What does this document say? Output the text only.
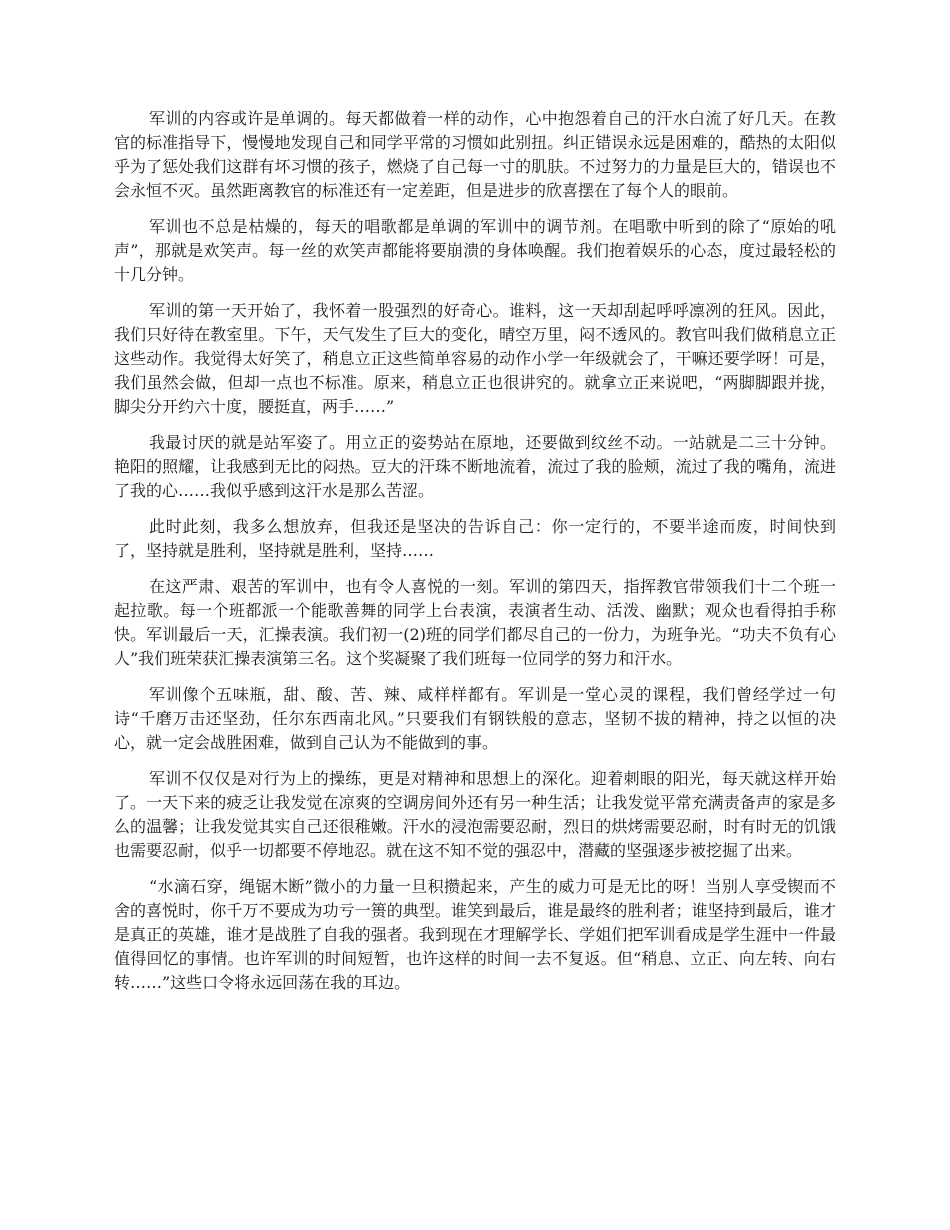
军训的内容或许是单调的。每天都做着一样的动作，心中抱怨着自己的汗水白流了好几天。在教官的标准指导下，慢慢地发现自己和同学平常的习惯如此别扭。纠正错误永远是困难的，酷热的太阳似乎为了惩处我们这群有坏习惯的孩子，燃烧了自己每一寸的肌肤。不过努力的力量是巨大的，错误也不会永恒不灭。虽然距离教官的标准还有一定差距，但是进步的欣喜摆在了每个人的眼前。

军训也不总是枯燥的，每天的唱歌都是单调的军训中的调节剂。在唱歌中听到的除了“原始的吼声”，那就是欢笑声。每一丝的欢笑声都能将要崩溃的身体唤醒。我们抱着娱乐的心态，度过最轻松的十几分钟。

军训的第一天开始了，我怀着一股强烈的好奇心。谁料，这一天却刮起呼呼凛冽的狂风。因此，我们只好待在教室里。下午，天气发生了巨大的变化，晴空万里，闷不透风的。教官叫我们做稍息立正这些动作。我觉得太好笑了，稍息立正这些简单容易的动作小学一年级就会了，干嘛还要学呀！可是，我们虽然会做，但却一点也不标准。原来，稍息立正也很讲究的。就拿立正来说吧，“两脚脚跟并拢，脚尖分开约六十度，腰挺直，两手……”

我最讨厌的就是站军姿了。用立正的姿势站在原地，还要做到纹丝不动。一站就是二三十分钟。艳阳的照耀，让我感到无比的闷热。豆大的汗珠不断地流着，流过了我的脸颊，流过了我的嘴角，流进了我的心……我似乎感到这汗水是那么苦涩。

此时此刻，我多么想放弃，但我还是坚决的告诉自己：你一定行的，不要半途而废，时间快到了，坚持就是胜利，坚持就是胜利，坚持……

在这严肃、艰苦的军训中，也有令人喜悦的一刻。军训的第四天，指挥教官带领我们十二个班一起拉歌。每一个班都派一个能歌善舞的同学上台表演，表演者生动、活泼、幽默；观众也看得拍手称快。军训最后一天，汇操表演。我们初一(2)班的同学们都尽自己的一份力，为班争光。“功夫不负有心人”我们班荣获汇操表演第三名。这个奖凝聚了我们班每一位同学的努力和汗水。

军训像个五味瓶，甜、酸、苦、辣、咸样样都有。军训是一堂心灵的课程，我们曾经学过一句诗“千磨万击还坚劲，任尔东西南北风。”只要我们有钢铁般的意志，坚韧不拔的精神，持之以恒的决心，就一定会战胜困难，做到自己认为不能做到的事。

军训不仅仅是对行为上的操练，更是对精神和思想上的深化。迎着刺眼的阳光，每天就这样开始了。一天下来的疲乏让我发觉在凉爽的空调房间外还有另一种生活；让我发觉平常充满责备声的家是多么的温馨；让我发觉其实自己还很稚嫩。汗水的浸泡需要忍耐，烈日的烘烤需要忍耐，时有时无的饥饿也需要忍耐，似乎一切都要不停地忍。就在这不知不觉的强忍中，潜藏的坚强逐步被挖掘了出来。

“水滴石穿，绳锯木断”微小的力量一旦积攒起来，产生的威力可是无比的呀！当别人享受锲而不舍的喜悦时，你千万不要成为功亏一篑的典型。谁笑到最后，谁是最终的胜利者；谁坚持到最后，谁才是真正的英雄，谁才是战胜了自我的强者。我到现在才理解学长、学姐们把军训看成是学生涯中一件最值得回忆的事情。也许军训的时间短暂，也许这样的时间一去不复返。但“稍息、立正、向左转、向右转……”这些口令将永远回荡在我的耳边。
